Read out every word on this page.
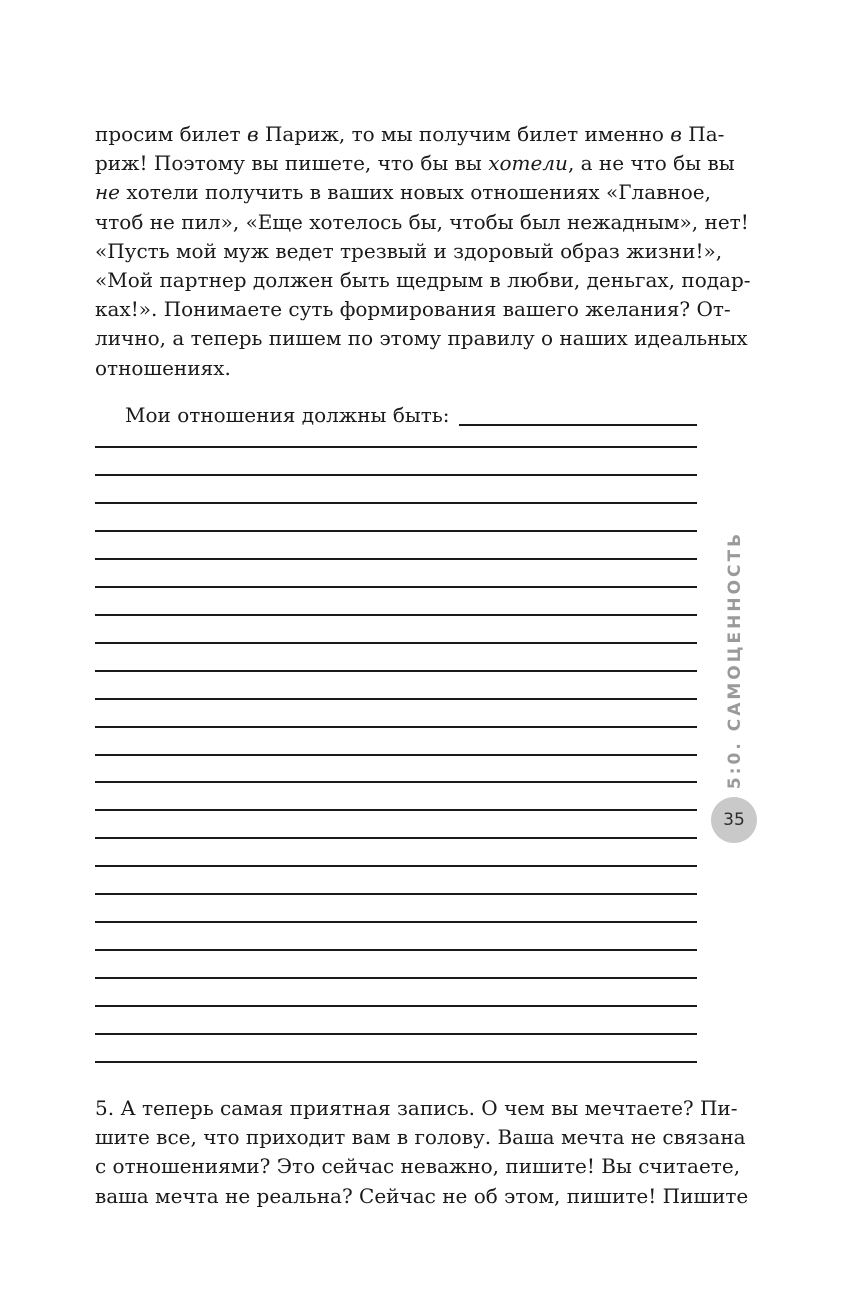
просим билет в Париж, то мы получим билет именно в Па-
риж! Поэтому вы пишете, что бы вы хотели, а не что бы вы
не хотели получить в ваших новых отношениях «Главное,
чтоб не пил», «Еще хотелось бы, чтобы был нежадным», нет!
«Пусть мой муж ведет трезвый и здоровый образ жизни!»,
«Мой партнер должен быть щедрым в любви, деньгах, подар-
ках!». Понимаете суть формирования вашего желания? От-
лично, а теперь пишем по этому правилу о наших идеальных
отношениях.
Мои отношения должны быть:
5. А теперь самая приятная запись. О чем вы мечтаете? Пи-
шите все, что приходит вам в голову. Ваша мечта не связана
с отношениями? Это сейчас неважно, пишите! Вы считаете,
ваша мечта не реальна? Сейчас не об этом, пишите! Пишите
5:0. САМОЦЕННОСТЬ
35
